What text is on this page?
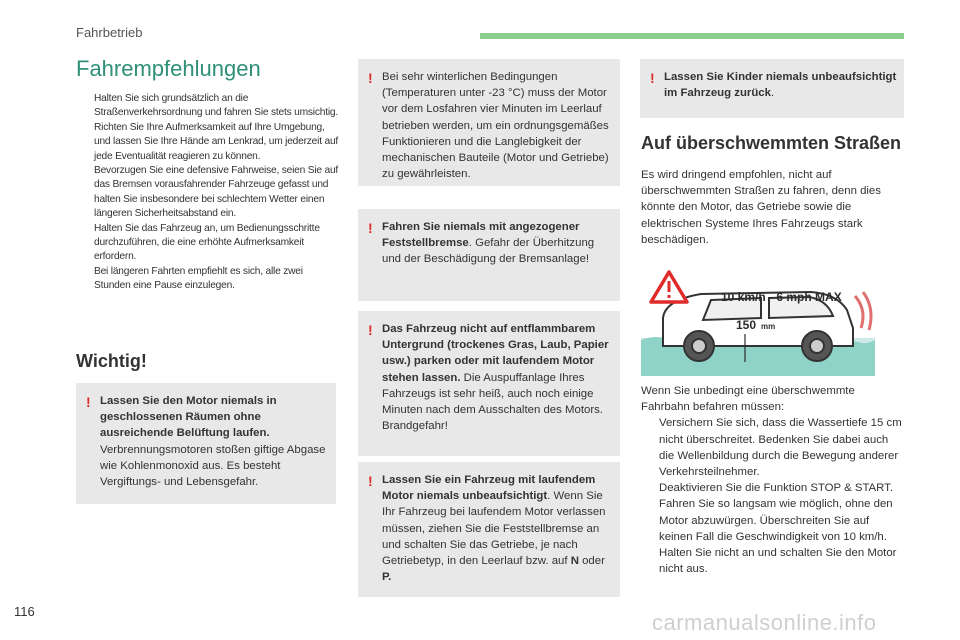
Fahrbetrieb
Fahrempfehlungen
Halten Sie sich grundsätzlich an die Straßenverkehrsordnung und fahren Sie stets umsichtig.
Richten Sie Ihre Aufmerksamkeit auf Ihre Umgebung, und lassen Sie Ihre Hände am Lenkrad, um jederzeit auf jede Eventualität reagieren zu können.
Bevorzugen Sie eine defensive Fahrweise, seien Sie auf das Bremsen vorausfahrender Fahrzeuge gefasst und halten Sie insbesondere bei schlechtem Wetter einen längeren Sicherheitsabstand ein.
Halten Sie das Fahrzeug an, um Bedienungsschritte durchzuführen, die eine erhöhte Aufmerksamkeit erfordern.
Bei längeren Fahrten empfiehlt es sich, alle zwei Stunden eine Pause einzulegen.
Wichtig!
! Lassen Sie den Motor niemals in geschlossenen Räumen ohne ausreichende Belüftung laufen. Verbrennungsmotoren stoßen giftige Abgase wie Kohlenmonoxid aus. Es besteht Vergiftungs- und Lebensgefahr.
! Bei sehr winterlichen Bedingungen (Temperaturen unter -23 °C) muss der Motor vor dem Losfahren vier Minuten im Leerlauf betrieben werden, um ein ordnungsgemäßes Funktionieren und die Langlebigkeit der mechanischen Bauteile (Motor und Getriebe) zu gewährleisten.
! Fahren Sie niemals mit angezogener Feststellbremse. Gefahr der Überhitzung und der Beschädigung der Bremsanlage!
! Das Fahrzeug nicht auf entflammbarem Untergrund (trockenes Gras, Laub, Papier usw.) parken oder mit laufendem Motor stehen lassen. Die Auspuffanlage Ihres Fahrzeugs ist sehr heiß, auch noch einige Minuten nach dem Ausschalten des Motors. Brandgefahr!
! Lassen Sie ein Fahrzeug mit laufendem Motor niemals unbeaufsichtigt. Wenn Sie Ihr Fahrzeug bei laufendem Motor verlassen müssen, ziehen Sie die Feststellbremse an und schalten Sie das Getriebe, je nach Getriebetyp, in den Leerlauf bzw. auf N oder P.
! Lassen Sie Kinder niemals unbeaufsichtigt im Fahrzeug zurück.
Auf überschwemmten Straßen
Es wird dringend empfohlen, nicht auf überschwemmten Straßen zu fahren, denn dies könnte den Motor, das Getriebe sowie die elektrischen Systeme Ihres Fahrzeugs stark beschädigen.
10 km/h - 6 mph MAX
150 mm
Wenn Sie unbedingt eine überschwemmte Fahrbahn befahren müssen:
Versichern Sie sich, dass die Wassertiefe 15 cm nicht überschreitet. Bedenken Sie dabei auch die Wellenbildung durch die Bewegung anderer Verkehrsteilnehmer.
Deaktivieren Sie die Funktion STOP & START.
Fahren Sie so langsam wie möglich, ohne den Motor abzuwürgen. Überschreiten Sie auf keinen Fall die Geschwindigkeit von 10 km/h.
Halten Sie nicht an und schalten Sie den Motor nicht aus.
116	carmanualsonline.info
